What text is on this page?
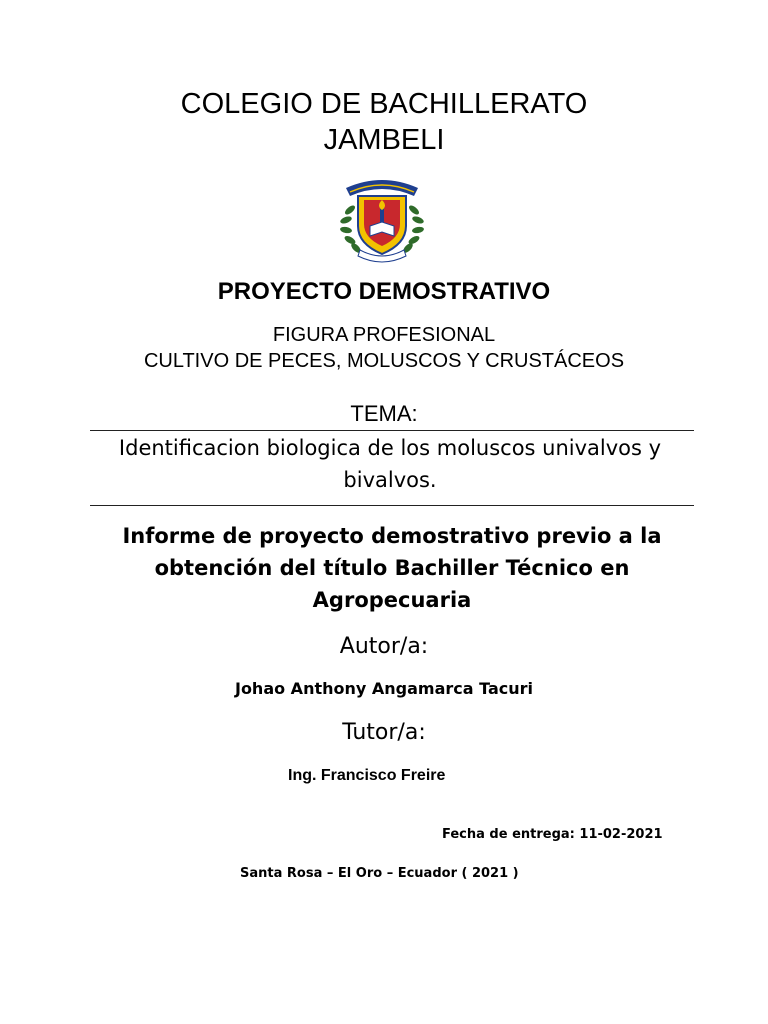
COLEGIO DE BACHILLERATO
JAMBELI
PROYECTO DEMOSTRATIVO
FIGURA PROFESIONAL
CULTIVO DE PECES, MOLUSCOS Y CRUSTÁCEOS
TEMA:
Identificacion biologica de los moluscos univalvos y bivalvos.
Informe de proyecto demostrativo previo a la obtención del título Bachiller Técnico en Agropecuaria
Autor/a:
Johao Anthony Angamarca Tacuri
Tutor/a:
Ing. Francisco Freire
Fecha de entrega: 11-02-2021
Santa Rosa – El Oro – Ecuador ( 2021 )
